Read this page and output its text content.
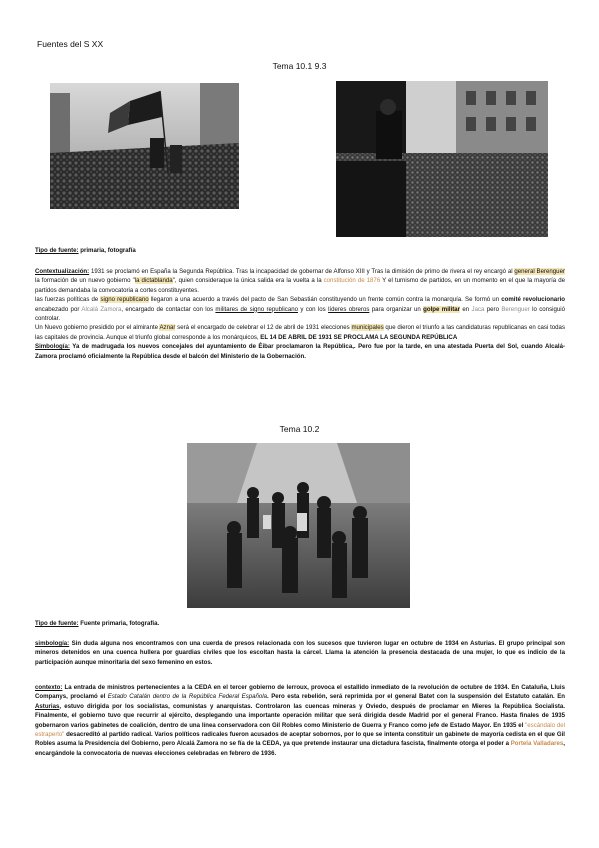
Fuentes del S XX
Tema 10.1 9.3
Tipo de fuente: primaria, fotografía

Contextualización: 1931 se proclamó en España la Segunda República. Tras la incapacidad de gobernar de Alfonso XIII y Tras la dimisión de primo de rivera el rey encargó al general Berenguer la formación de un nuevo gobierno "la dictablanda", quien consideraque la única salida era la vuelta a la constitución de 1876 Y el turnismo de partidos, en un momento en el que la mayoría de partidos demandaba la convocatoria a cortes constituyentes.

las fuerzas políticas de signo republicano llegaron a una acuerdo a través del pacto de San Sebastián constituyendo un frente común contra la monarquía. Se formó un comité revolucionario encabezado por Alcalá Zamora, encargado de contactar con los militares de signo republicano y con los líderes obreros para organizar un golpe militar en Jaca pero Berenguer lo consiguió controlar.

Un Nuevo gobierno presidido por el almirante Aznar será el encargado de celebrar el 12 de abril de 1931 elecciones municipales que dieron el triunfo a las candidaturas republicanas en casi todas las capitales de provincia. Aunque el triunfo global corresponde a los monárquicos, EL 14 DE ABRIL DE 1931 SE PROCLAMA LA SEGUNDA REPÚBLICA

Simbología: Ya de madrugada los nuevos concejales del ayuntamiento de Éibar proclamaron la República,. Pero fue por la tarde, en una atestada Puerta del Sol, cuando Alcalá-Zamora proclamó oficialmente la República desde el balcón del Ministerio de la Gobernación.

Tema 10.2
Tipo de fuente: Fuente primaria, fotografía.

simbología: Sin duda alguna nos encontramos con una cuerda de presos relacionada con los sucesos que tuvieron lugar en octubre de 1934 en Asturias. El grupo principal son mineros detenidos en una cuenca hullera por guardias civiles que los escoltan hasta la cárcel. Llama la atención la presencia destacada de una mujer, lo que es indicio de la participación aunque minoritaria del sexo femenino en estos.

contexto: La entrada de ministros pertenecientes a la CEDA en el tercer gobierno de lerroux, provoca el estallido inmediato de la revolución de octubre de 1934. En Cataluña, Lluis Companys, proclamó el Estado Catalán dentro de la República Federal Española. Pero esta rebelión, será reprimida por el general Batet con la suspensión del Estatuto catalán. En Asturias, estuvo dirigida por los socialistas, comunistas y anarquistas. Controlaron las cuencas mineras y Oviedo, después de proclamar en Mieres la República Socialista. Finalmente, el gobierno tuvo que recurrir al ejército, desplegando una importante operación militar que será dirigida desde Madrid por el general Franco. Hasta finales de 1935 gobernaron varios gabinetes de coalición, dentro de una línea conservadora con Gil Robles como Ministerio de Guerra y Franco como jefe de Estado Mayor. En 1935 el "escándalo del estraperlo" desacreditó al partido radical. Varios políticos radicales fueron acusados de aceptar sobornos, por lo que se intenta constituir un gabinete de mayoría cedista en el que Gil Robles asuma la Presidencia del Gobierno, pero Alcalá Zamora no se fía de la CEDA, ya que pretende instaurar una dictadura fascista, finalmente otorga el poder a Portela Valladares, encargándole la convocatoria de nuevas elecciones celebradas en febrero de 1936.
